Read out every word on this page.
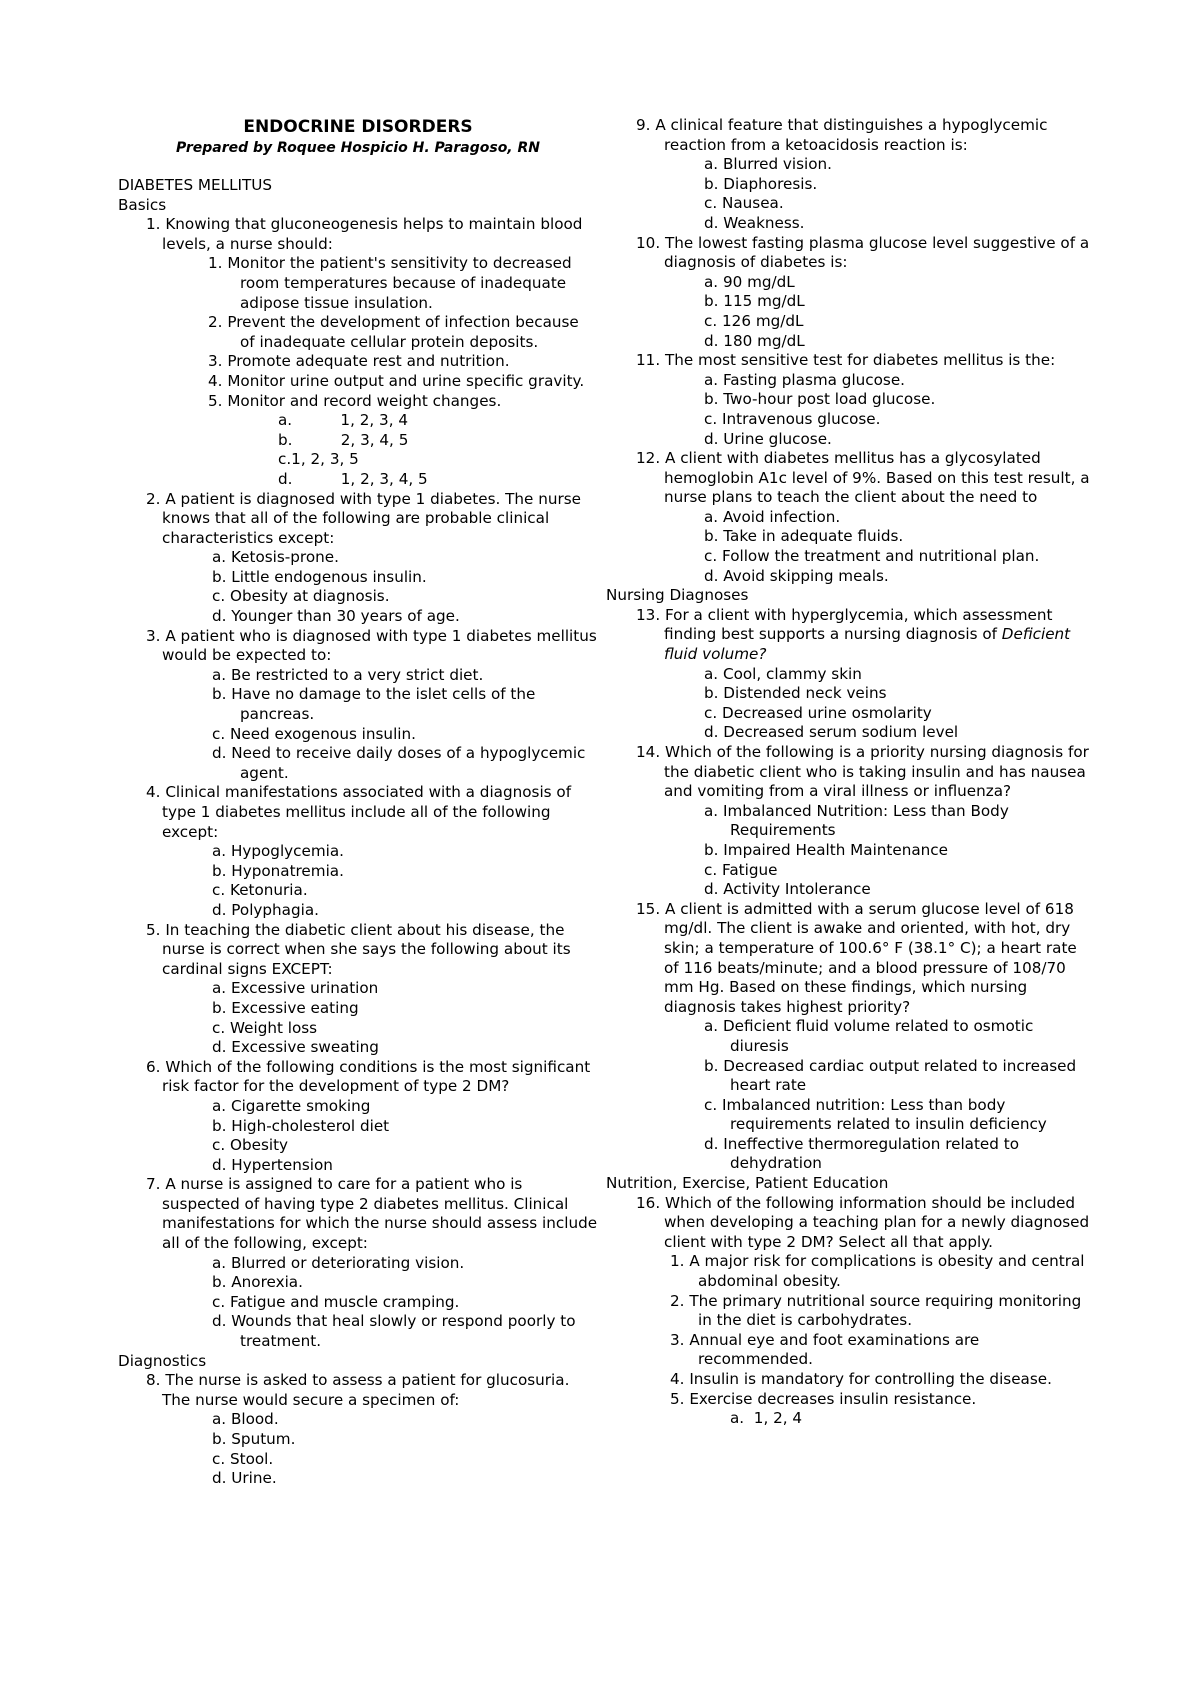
ENDOCRINE DISORDERS
Prepared by Roquee Hospicio H. Paragoso, RN
DIABETES MELLITUS
Basics
1. Knowing that gluconeogenesis helps to maintain blood levels, a nurse should:
1. Monitor the patient's sensitivity to decreased room temperatures because of inadequate adipose tissue insulation.
2. Prevent the development of infection because of inadequate cellular protein deposits.
3. Promote adequate rest and nutrition.
4. Monitor urine output and urine specific gravity.
5. Monitor and record weight changes.
a.          1, 2, 3, 4
b.          2, 3, 4, 5
c.1, 2, 3, 5
d.          1, 2, 3, 4, 5
2. A patient is diagnosed with type 1 diabetes. The nurse knows that all of the following are probable clinical characteristics except:
a. Ketosis-prone.
b. Little endogenous insulin.
c. Obesity at diagnosis.
d. Younger than 30 years of age.
3. A patient who is diagnosed with type 1 diabetes mellitus would be expected to:
a. Be restricted to a very strict diet.
b. Have no damage to the islet cells of the pancreas.
c. Need exogenous insulin.
d. Need to receive daily doses of a hypoglycemic agent.
4. Clinical manifestations associated with a diagnosis of type 1 diabetes mellitus include all of the following except:
a. Hypoglycemia.
b. Hyponatremia.
c. Ketonuria.
d. Polyphagia.
5. In teaching the diabetic client about his disease, the nurse is correct when she says the following about its cardinal signs EXCEPT:
a. Excessive urination
b. Excessive eating
c. Weight loss
d. Excessive sweating
6. Which of the following conditions is the most significant risk factor for the development of type 2 DM?
a. Cigarette smoking
b. High-cholesterol diet
c. Obesity
d. Hypertension
7. A nurse is assigned to care for a patient who is suspected of having type 2 diabetes mellitus. Clinical manifestations for which the nurse should assess include all of the following, except:
a. Blurred or deteriorating vision.
b. Anorexia.
c. Fatigue and muscle cramping.
d. Wounds that heal slowly or respond poorly to treatment.
Diagnostics
8. The nurse is asked to assess a patient for glucosuria. The nurse would secure a specimen of:
a. Blood.
b. Sputum.
c. Stool.
d. Urine.
9. A clinical feature that distinguishes a hypoglycemic reaction from a ketoacidosis reaction is:
a. Blurred vision.
b. Diaphoresis.
c. Nausea.
d. Weakness.
10. The lowest fasting plasma glucose level suggestive of a diagnosis of diabetes is:
a. 90 mg/dL
b. 115 mg/dL
c. 126 mg/dL
d. 180 mg/dL
11. The most sensitive test for diabetes mellitus is the:
a. Fasting plasma glucose.
b. Two-hour post load glucose.
c. Intravenous glucose.
d. Urine glucose.
12. A client with diabetes mellitus has a glycosylated hemoglobin A1c level of 9%. Based on this test result, a nurse plans to teach the client about the need to
a. Avoid infection.
b. Take in adequate fluids.
c. Follow the treatment and nutritional plan.
d. Avoid skipping meals.
Nursing Diagnoses
13. For a client with hyperglycemia, which assessment finding best supports a nursing diagnosis of Deficient fluid volume?
a. Cool, clammy skin
b. Distended neck veins
c. Decreased urine osmolarity
d. Decreased serum sodium level
14. Which of the following is a priority nursing diagnosis for the diabetic client who is taking insulin and has nausea and vomiting from a viral illness or influenza?
a. Imbalanced Nutrition: Less than Body Requirements
b. Impaired Health Maintenance
c. Fatigue
d. Activity Intolerance
15. A client is admitted with a serum glucose level of 618 mg/dl. The client is awake and oriented, with hot, dry skin; a temperature of 100.6° F (38.1° C); a heart rate of 116 beats/minute; and a blood pressure of 108/70 mm Hg. Based on these findings, which nursing diagnosis takes highest priority?
a. Deficient fluid volume related to osmotic diuresis
b. Decreased cardiac output related to increased heart rate
c. Imbalanced nutrition: Less than body requirements related to insulin deficiency
d. Ineffective thermoregulation related to dehydration
Nutrition, Exercise, Patient Education
16. Which of the following information should be included when developing a teaching plan for a newly diagnosed client with type 2 DM? Select all that apply.
1. A major risk for complications is obesity and central abdominal obesity.
2. The primary nutritional source requiring monitoring in the diet is carbohydrates.
3. Annual eye and foot examinations are recommended.
4. Insulin is mandatory for controlling the disease.
5. Exercise decreases insulin resistance.
a.  1, 2, 4
